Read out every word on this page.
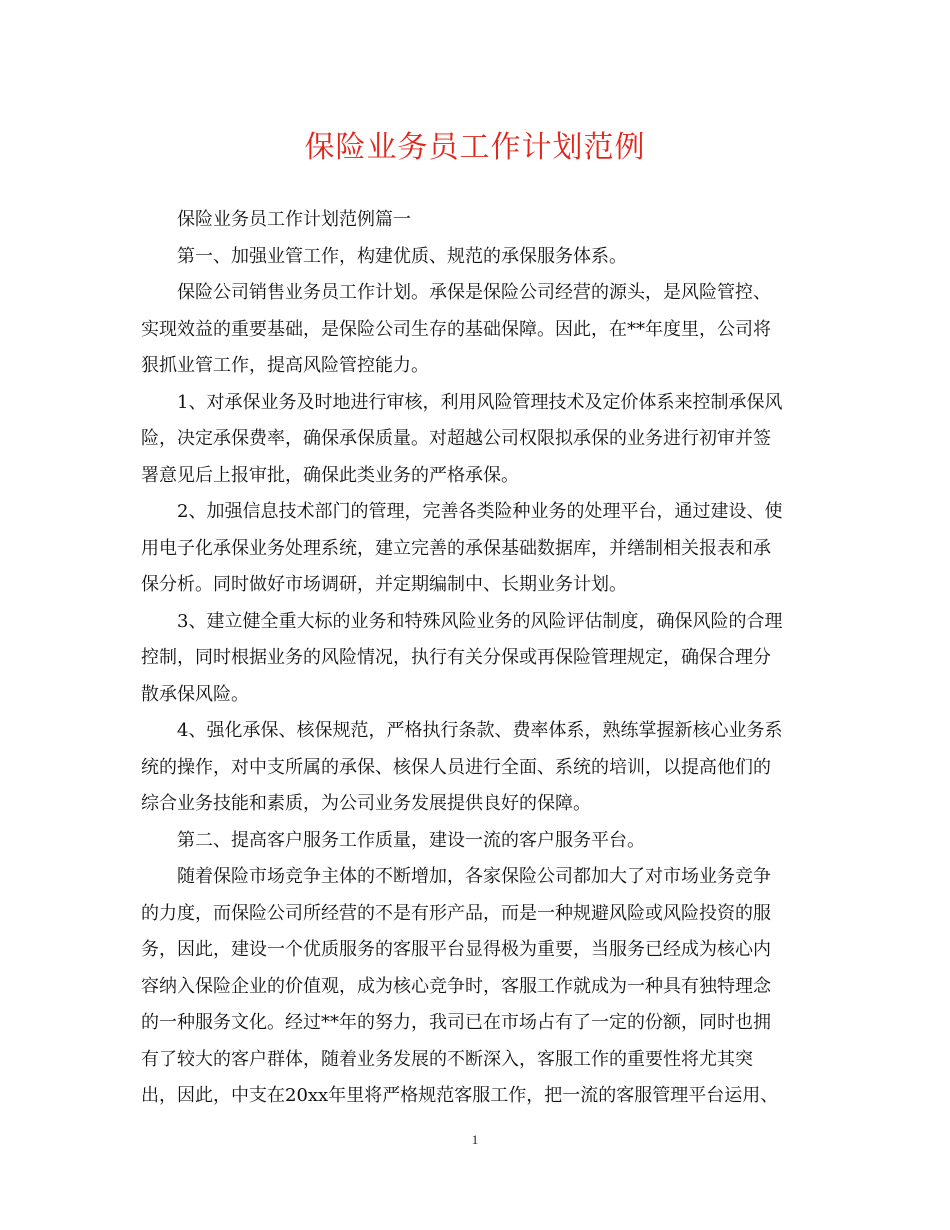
保险业务员工作计划范例
保险业务员工作计划范例篇一
第一、加强业管工作，构建优质、规范的承保服务体系。
保险公司销售业务员工作计划。承保是保险公司经营的源头，是风险管控、
实现效益的重要基础，是保险公司生存的基础保障。因此，在**年度里，公司将
狠抓业管工作，提高风险管控能力。
1、对承保业务及时地进行审核，利用风险管理技术及定价体系来控制承保风
险，决定承保费率，确保承保质量。对超越公司权限拟承保的业务进行初审并签
署意见后上报审批，确保此类业务的严格承保。
2、加强信息技术部门的管理，完善各类险种业务的处理平台，通过建设、使
用电子化承保业务处理系统，建立完善的承保基础数据库，并缮制相关报表和承
保分析。同时做好市场调研，并定期编制中、长期业务计划。
3、建立健全重大标的业务和特殊风险业务的风险评估制度，确保风险的合理
控制，同时根据业务的风险情况，执行有关分保或再保险管理规定，确保合理分
散承保风险。
4、强化承保、核保规范，严格执行条款、费率体系，熟练掌握新核心业务系
统的操作，对中支所属的承保、核保人员进行全面、系统的培训，以提高他们的
综合业务技能和素质，为公司业务发展提供良好的保障。
第二、提高客户服务工作质量，建设一流的客户服务平台。
随着保险市场竞争主体的不断增加，各家保险公司都加大了对市场业务竞争
的力度，而保险公司所经营的不是有形产品，而是一种规避风险或风险投资的服
务，因此，建设一个优质服务的客服平台显得极为重要，当服务已经成为核心内
容纳入保险企业的价值观，成为核心竞争时，客服工作就成为一种具有独特理念
的一种服务文化。经过**年的努力，我司已在市场占有了一定的份额，同时也拥
有了较大的客户群体，随着业务发展的不断深入，客服工作的重要性将尤其突
出，因此，中支在20xx年里将严格规范客服工作，把一流的客服管理平台运用、
1
